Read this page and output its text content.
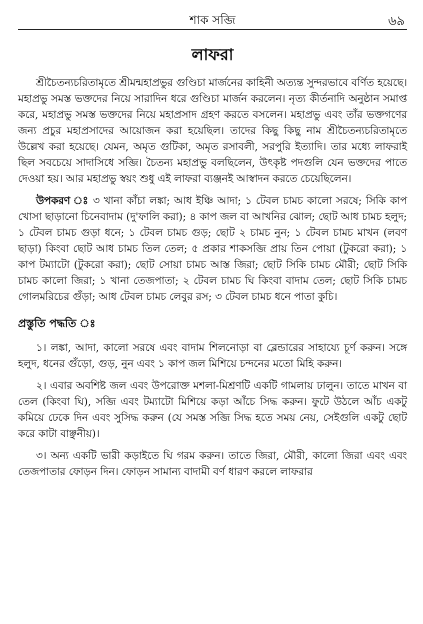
শাক সব্জি	৬৯
লাফরা

শ্রীচৈতন্যচরিতামৃতে শ্রীমন্মহাপ্রভুর গুণ্ডিচা মার্জনের কাহিনী অত্যন্ত সুন্দরভাবে বর্ণিত হয়েছে। মহাপ্রভু সমস্ত ভক্তদের নিয়ে সারাদিন ধরে গুণ্ডিচা মার্জন করলেন। নৃত্য কীর্তনাদি অনুষ্ঠান সমাপ্ত করে, মহাপ্রভু সমস্ত ভক্তদের নিয়ে মহাপ্রসাদ গ্রহণ করতে বসলেন। মহাপ্রভু এবং তাঁর ভক্তগণের জন্য প্রচুর মহাপ্রসাদের আয়োজন করা হয়েছিল। তাদের কিছু কিছু নাম শ্রীচৈতন্যচরিতামৃতে উল্লেখ করা হয়েছে। যেমন, অমৃত গুটিকা, অমৃত রসাবলী, সরপুরি ইত্যাদি। তার মধ্যে লাফরাই ছিল সবচেয়ে সাদাসিধে সব্জি। চৈতন্য মহাপ্রভু বলছিলেন, উৎকৃষ্ট পদগুলি যেন ভক্তদের পাতে দেওয়া হয়। আর মহাপ্রভু স্বয়ং শুধু এই লাফরা ব্যঞ্জনই আস্বাদন করতে চেয়েছিলেন।

উপকরণ ঃ ৩ খানা কাঁচা লঙ্কা; আধ ইঞ্চি আদা; ১ টেবল চামচ কালো সরষে; সিকি কাপ খোসা ছাড়ানো চিনেবাদাম (দু'ফালি করা); ৪ কাপ জল বা আখনির ঝোল; ছোট আধ চামচ হলুদ; ১ টেবল চামচ গুড়া ধনে; ১ টেবল চামচ গুড়; ছোট ২ চামচ নুন; ১ টেবল চামচ মাখন (লবণ ছাড়া) কিংবা ছোট আধ চামচ তিল তেল; ৫ প্রকার শাকসব্জি প্রায় তিন পোয়া (টুকরো করা); ১ কাপ টম্যাটো (টুকরো করা); ছোট সোয়া চামচ আস্ত জিরা; ছোট সিকি চামচ মৌরী; ছোট সিকি চামচ কালো জিরা; ১ খানা তেজপাতা; ২ টেবল চামচ ঘি কিংবা বাদাম তেল; ছোট সিকি চামচ গোলমরিচের গুঁড়া; আধ টেবল চামচ লেবুর রস; ৩ টেবল চামচ ধনে পাতা কুচি।

প্রস্তুতি পদ্ধতি ঃ

১। লঙ্কা, আদা, কালো সরষে এবং বাদাম শিলনোড়া বা ব্লেন্ডারের সাহায্যে চূর্ণ করুন। সঙ্গে হলুদ, ধনের গুঁড়ো, গুড়, নুন এবং ১ কাপ জল মিশিয়ে চন্দনের মতো মিহি করুন।

২। এবার অবশিষ্ট জল এবং উপরোক্ত মশলা-মিশ্রণটি একটি গামলায় ঢালুন। তাতে মাখন বা তেল (কিংবা ঘি), সব্জি এবং টম্যাটো মিশিয়ে কড়া আঁচে সিদ্ধ করুন। ফুটে উঠলে আঁচ একটু কমিয়ে ঢেকে দিন এবং সুসিদ্ধ করুন (যে সমস্ত সব্জি সিদ্ধ হতে সময় নেয়, সেইগুলি একটু ছোট করে কাটা বাঞ্ছনীয়)।

৩। অন্য একটি ভারী কড়াইতে ঘি গরম করুন। তাতে জিরা, মৌরী, কালো জিরা এবং এবং তেজপাতার ফোড়ন দিন। ফোড়ন সামান্য বাদামী বর্ণ ধারণ করলে লাফরার
